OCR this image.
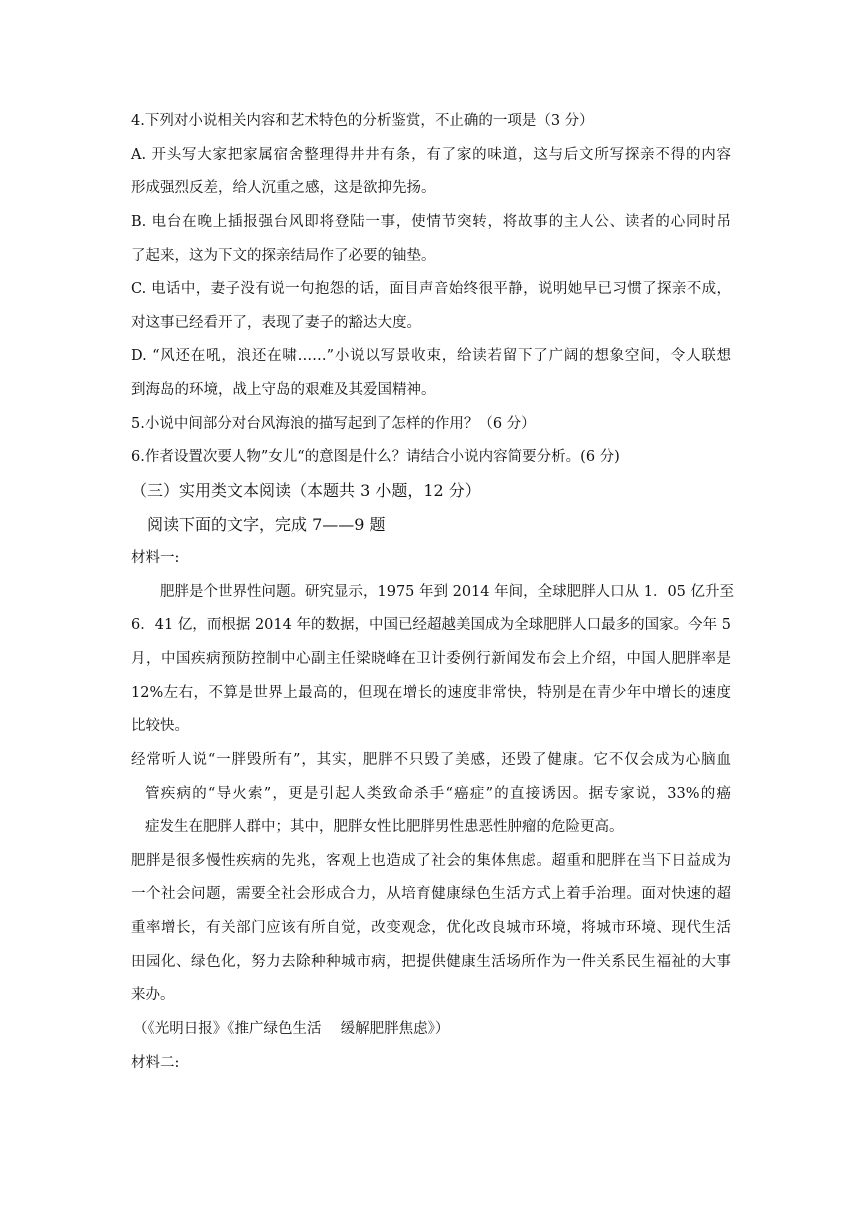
4.下列对小说相关内容和艺术特色的分析鉴赏，不止确的一项是（3 分）
A. 开头写大家把家属宿舍整理得井井有条，有了家的味道，这与后文所写探亲不得的内容
形成强烈反差，给人沉重之感，这是欲抑先扬。
B. 电台在晚上插报强台风即将登陆一事，使情节突转，将故事的主人公、读者的心同时吊
了起来，这为下文的探亲结局作了必要的铀垫。
C. 电话中，妻子没有说一句抱怨的话，面目声音始终很平静，说明她早已习惯了探亲不成，
对这事已经看开了，表现了妻子的豁达大度。
D. “风还在吼，浪还在啸……”小说以写景收束，给读若留下了广阔的想象空间，令人联想
到海岛的环境，战上守岛的艰难及其爱国精神。
5.小说中间部分对台风海浪的描写起到了怎样的作用？（6 分）
6.作者设置次要人物”女儿“的意图是什么？请结合小说内容简要分析。(6 分)
（三）实用类文本阅读（本题共 3 小题，12 分）
阅读下面的文字，完成 7——9 题
材料一:
肥胖是个世界性问题。研究显示，1975 年到 2014 年间，全球肥胖人口从 1．05 亿升至
6．41 亿，而根据 2014 年的数据，中国已经超越美国成为全球肥胖人口最多的国家。今年 5
月，中国疾病预防控制中心副主任梁晓峰在卫计委例行新闻发布会上介绍，中国人肥胖率是
12%左右，不算是世界上最高的，但现在增长的速度非常快，特别是在青少年中增长的速度
比较快。
经常听人说“一胖毁所有”，其实，肥胖不只毁了美感，还毁了健康。它不仅会成为心脑血
管疾病的“导火索”，更是引起人类致命杀手“癌症”的直接诱因。据专家说，33%的癌
症发生在肥胖人群中；其中，肥胖女性比肥胖男性患恶性肿瘤的危险更高。
肥胖是很多慢性疾病的先兆，客观上也造成了社会的集体焦虑。超重和肥胖在当下日益成为
一个社会问题，需要全社会形成合力，从培育健康绿色生活方式上着手治理。面对快速的超
重率增长，有关部门应该有所自觉，改变观念，优化改良城市环境，将城市环境、现代生活
田园化、绿色化，努力去除种种城市病，把提供健康生活场所作为一件关系民生福祉的大事
来办。
（《光明日报》《推广绿色生活　 缓解肥胖焦虑》）
材料二:
